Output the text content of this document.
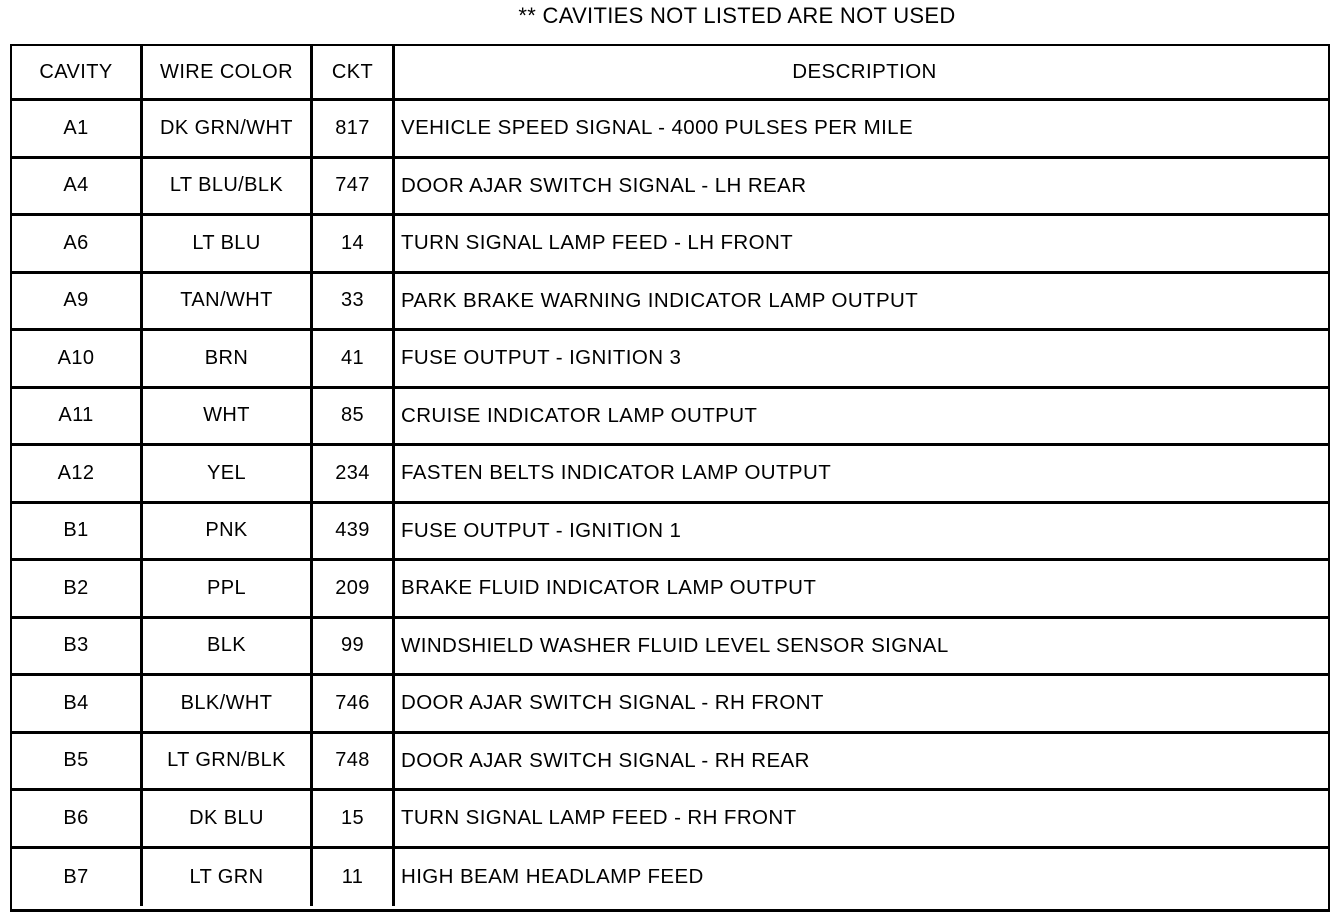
** CAVITIES NOT LISTED ARE NOT USED
CAVITY	WIRE COLOR	CKT	DESCRIPTION
A1	DK GRN/WHT	817	VEHICLE SPEED SIGNAL - 4000 PULSES PER MILE
A4	LT BLU/BLK	747	DOOR AJAR SWITCH SIGNAL - LH REAR
A6	LT BLU	14	TURN SIGNAL LAMP FEED - LH FRONT
A9	TAN/WHT	33	PARK BRAKE WARNING INDICATOR LAMP OUTPUT
A10	BRN	41	FUSE OUTPUT - IGNITION 3
A11	WHT	85	CRUISE INDICATOR LAMP OUTPUT
A12	YEL	234	FASTEN BELTS INDICATOR LAMP OUTPUT
B1	PNK	439	FUSE OUTPUT - IGNITION 1
B2	PPL	209	BRAKE FLUID INDICATOR LAMP OUTPUT
B3	BLK	99	WINDSHIELD WASHER FLUID LEVEL SENSOR SIGNAL
B4	BLK/WHT	746	DOOR AJAR SWITCH SIGNAL - RH FRONT
B5	LT GRN/BLK	748	DOOR AJAR SWITCH SIGNAL - RH REAR
B6	DK BLU	15	TURN SIGNAL LAMP FEED - RH FRONT
B7	LT GRN	11	HIGH BEAM HEADLAMP FEED
